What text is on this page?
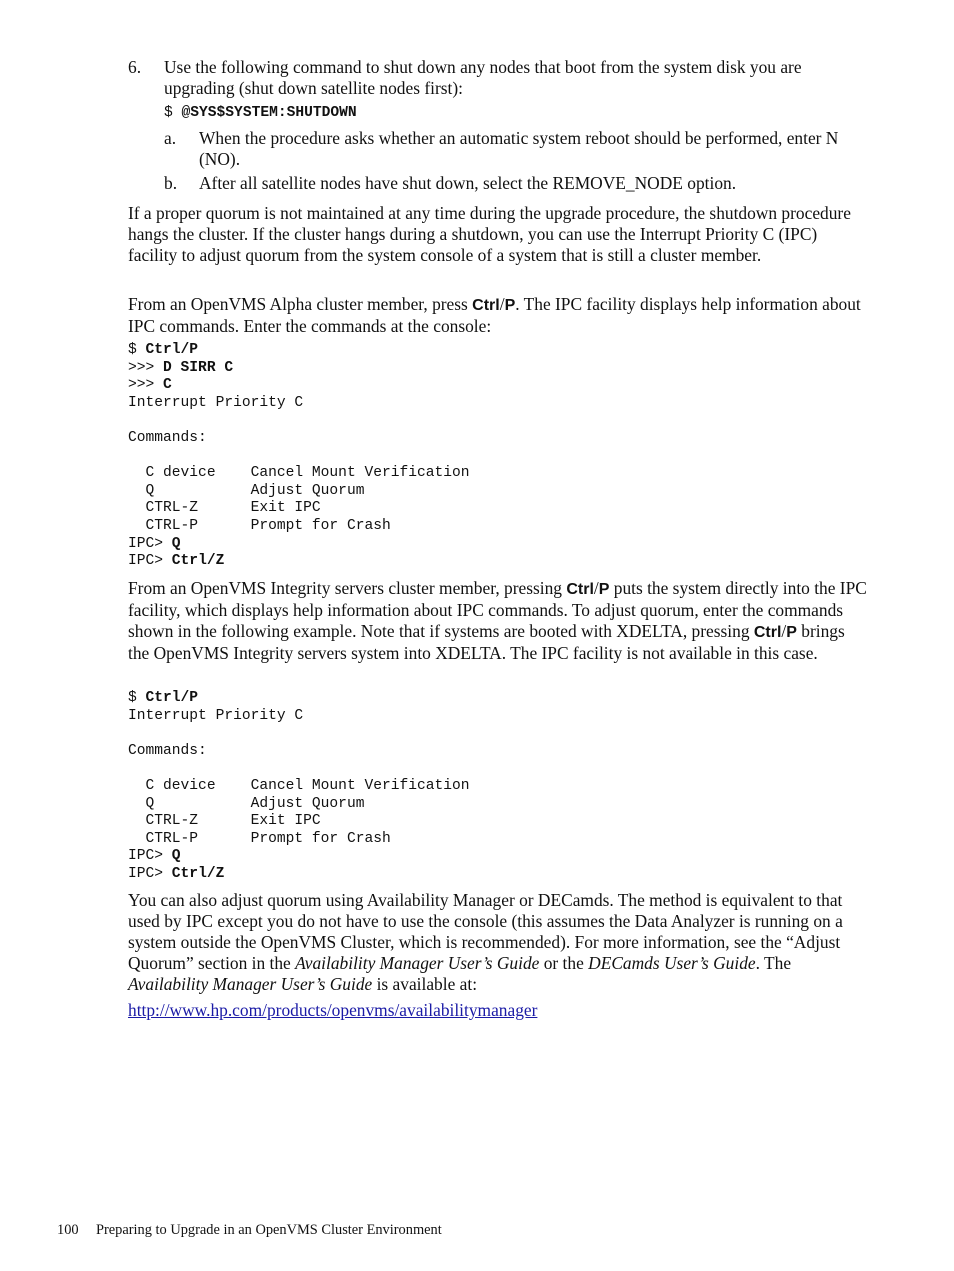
6. Use the following command to shut down any nodes that boot from the system disk you are upgrading (shut down satellite nodes first):
$ @SYS$SYSTEM:SHUTDOWN
a. When the procedure asks whether an automatic system reboot should be performed, enter N (NO).
b. After all satellite nodes have shut down, select the REMOVE_NODE option.
If a proper quorum is not maintained at any time during the upgrade procedure, the shutdown procedure hangs the cluster. If the cluster hangs during a shutdown, you can use the Interrupt Priority C (IPC) facility to adjust quorum from the system console of a system that is still a cluster member.
From an OpenVMS Alpha cluster member, press Ctrl/P. The IPC facility displays help information about IPC commands. Enter the commands at the console:
$ Ctrl/P
>>> D SIRR C
>>> C
Interrupt Priority C

Commands:

C device    Cancel Mount Verification
Q           Adjust Quorum
CTRL-Z      Exit IPC
CTRL-P      Prompt for Crash
IPC> Q
IPC> Ctrl/Z
From an OpenVMS Integrity servers cluster member, pressing Ctrl/P puts the system directly into the IPC facility, which displays help information about IPC commands. To adjust quorum, enter the commands shown in the following example. Note that if systems are booted with XDELTA, pressing Ctrl/P brings the OpenVMS Integrity servers system into XDELTA. The IPC facility is not available in this case.
$ Ctrl/P
Interrupt Priority C

Commands:

C device    Cancel Mount Verification
Q           Adjust Quorum
CTRL-Z      Exit IPC
CTRL-P      Prompt for Crash
IPC> Q
IPC> Ctrl/Z
You can also adjust quorum using Availability Manager or DECamds. The method is equivalent to that used by IPC except you do not have to use the console (this assumes the Data Analyzer is running on a system outside the OpenVMS Cluster, which is recommended). For more information, see the “Adjust Quorum” section in the Availability Manager User’s Guide or the DECamds User’s Guide. The Availability Manager User’s Guide is available at:
http://www.hp.com/products/openvms/availabilitymanager
100 Preparing to Upgrade in an OpenVMS Cluster Environment
